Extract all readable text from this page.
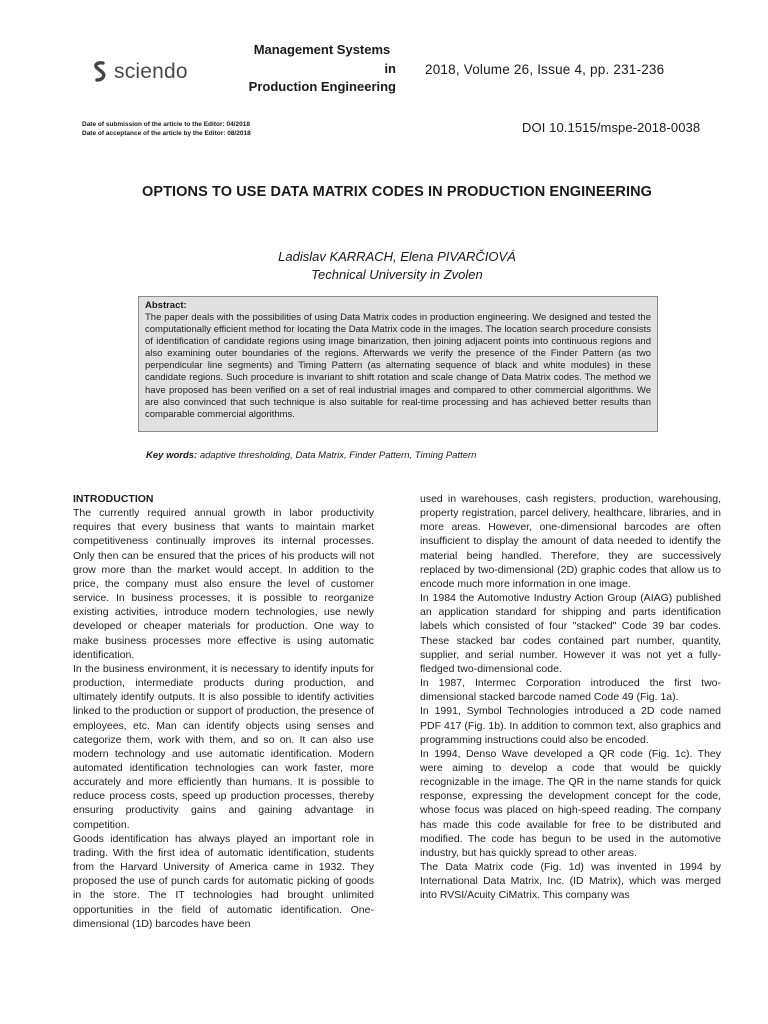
sciendo
Management Systems
in
Production Engineering
2018, Volume 26, Issue 4, pp. 231-236
Date of submission of the article to the Editor: 04/2018
Date of acceptance of the article by the Editor: 08/2018	DOI 10.1515/mspe-2018-0038
OPTIONS TO USE DATA MATRIX CODES IN PRODUCTION ENGINEERING
Ladislav KARRACH, Elena PIVARČIOVÁ
Technical University in Zvolen
Abstract:
The paper deals with the possibilities of using Data Matrix codes in production engineering. We designed and tested the computationally efficient method for locating the Data Matrix code in the images. The location search procedure consists of identification of candidate regions using image binarization, then joining adjacent points into continuous regions and also examining outer boundaries of the regions. Afterwards we verify the presence of the Finder Pattern (as two perpendicular line segments) and Timing Pattern (as alternating sequence of black and white modules) in these candidate regions. Such procedure is invariant to shift rotation and scale change of Data Matrix codes. The method we have proposed has been verified on a set of real industrial images and compared to other commercial algorithms. We are also convinced that such technique is also suitable for real-time processing and has achieved better results than comparable commercial algorithms.
Key words: adaptive thresholding, Data Matrix, Finder Pattern, Timing Pattern
INTRODUCTION

The currently required annual growth in labor productivity requires that every business that wants to maintain market competitiveness continually improves its internal processes. Only then can be ensured that the prices of his products will not grow more than the market would accept. In addition to the price, the company must also ensure the level of customer service. In business processes, it is possible to reorganize existing activities, introduce modern technologies, use newly developed or cheaper materials for production. One way to make business processes more effective is using automatic identification.

In the business environment, it is necessary to identify inputs for production, intermediate products during production, and ultimately identify outputs. It is also possible to identify activities linked to the production or support of production, the presence of employees, etc. Man can identify objects using senses and categorize them, work with them, and so on. It can also use modern technology and use automatic identification. Modern automated identification technologies can work faster, more accurately and more efficiently than humans. It is possible to reduce process costs, speed up production processes, thereby ensuring productivity gains and gaining advantage in competition.

Goods identification has always played an important role in trading. With the first idea of automatic identification, students from the Harvard University of America came in 1932. They proposed the use of punch cards for automatic picking of goods in the store. The IT technologies had brought unlimited opportunities in the field of automatic identification. One-dimensional (1D) barcodes have been

used in warehouses, cash registers, production, warehousing, property registration, parcel delivery, healthcare, libraries, and in more areas. However, one-dimensional barcodes are often insufficient to display the amount of data needed to identify the material being handled. Therefore, they are successively replaced by two-dimensional (2D) graphic codes that allow us to encode much more information in one image.

In 1984 the Automotive Industry Action Group (AIAG) published an application standard for shipping and parts identification labels which consisted of four "stacked" Code 39 bar codes. These stacked bar codes contained part number, quantity, supplier, and serial number. However it was not yet a fully-fledged two-dimensional code.

In 1987, Intermec Corporation introduced the first two-dimensional stacked barcode named Code 49 (Fig. 1a).

In 1991, Symbol Technologies introduced a 2D code named PDF 417 (Fig. 1b). In addition to common text, also graphics and programming instructions could also be encoded.

In 1994, Denso Wave developed a QR code (Fig. 1c). They were aiming to develop a code that would be quickly recognizable in the image. The QR in the name stands for quick response, expressing the development concept for the code, whose focus was placed on high-speed reading. The company has made this code available for free to be distributed and modified. The code has begun to be used in the automotive industry, but has quickly spread to other areas.

The Data Matrix code (Fig. 1d) was invented in 1994 by International Data Matrix, Inc. (ID Matrix), which was merged into RVSI/Acuity CiMatrix. This company was
